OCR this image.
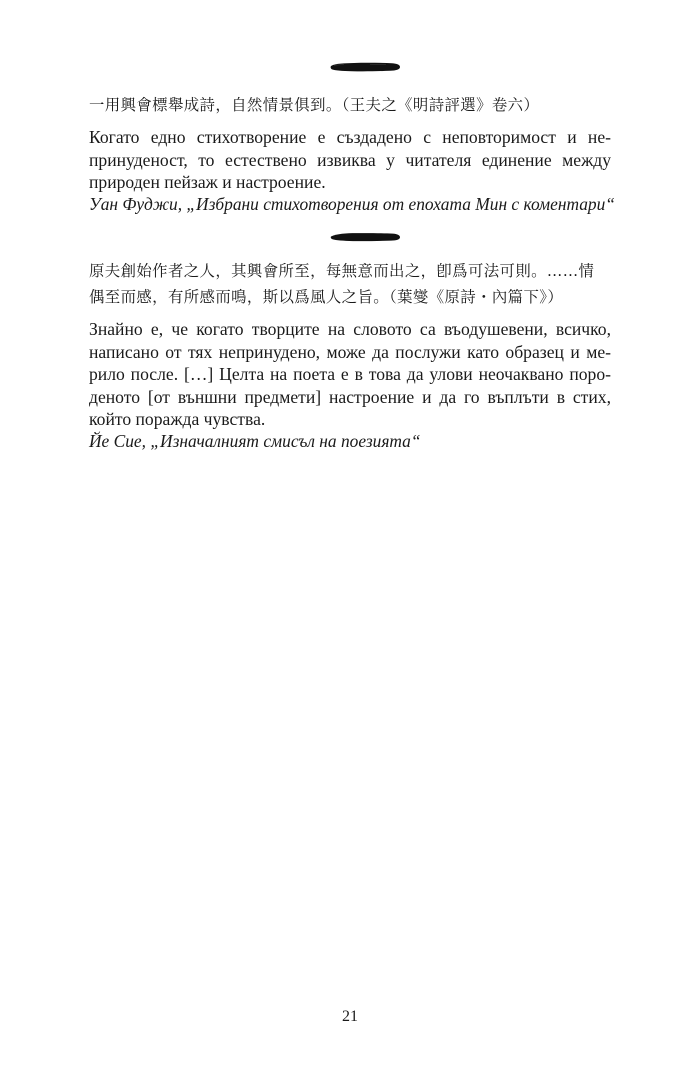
一用興會標舉成詩，自然情景俱到。（王夫之《明詩評選》卷六）

Когато едно стихотворение е създадено с неповторимост и непринуденост, то естествено извиква у читателя единение между природен пейзаж и настроение.

Уан Фуджи, „Избрани стихотворения от епохата Мин с коментари“

原夫創始作者之人，其興會所至，每無意而出之，卽爲可法可則。……情
偶至而感，有所感而鳴，斯以爲風人之旨。（葉燮《原詩・內篇下》）

Знайно е, че когато творците на словото са въодушевени, всичко, написано от тях непринудено, може да послужи като образец и мерило после. […] Целта на поета е в това да улови неочаквано породеното [от външни предмети] настроение и да го въплъти в стих, който поражда чувства.

Йе Сие, „Изначалният смисъл на поезията“

21
